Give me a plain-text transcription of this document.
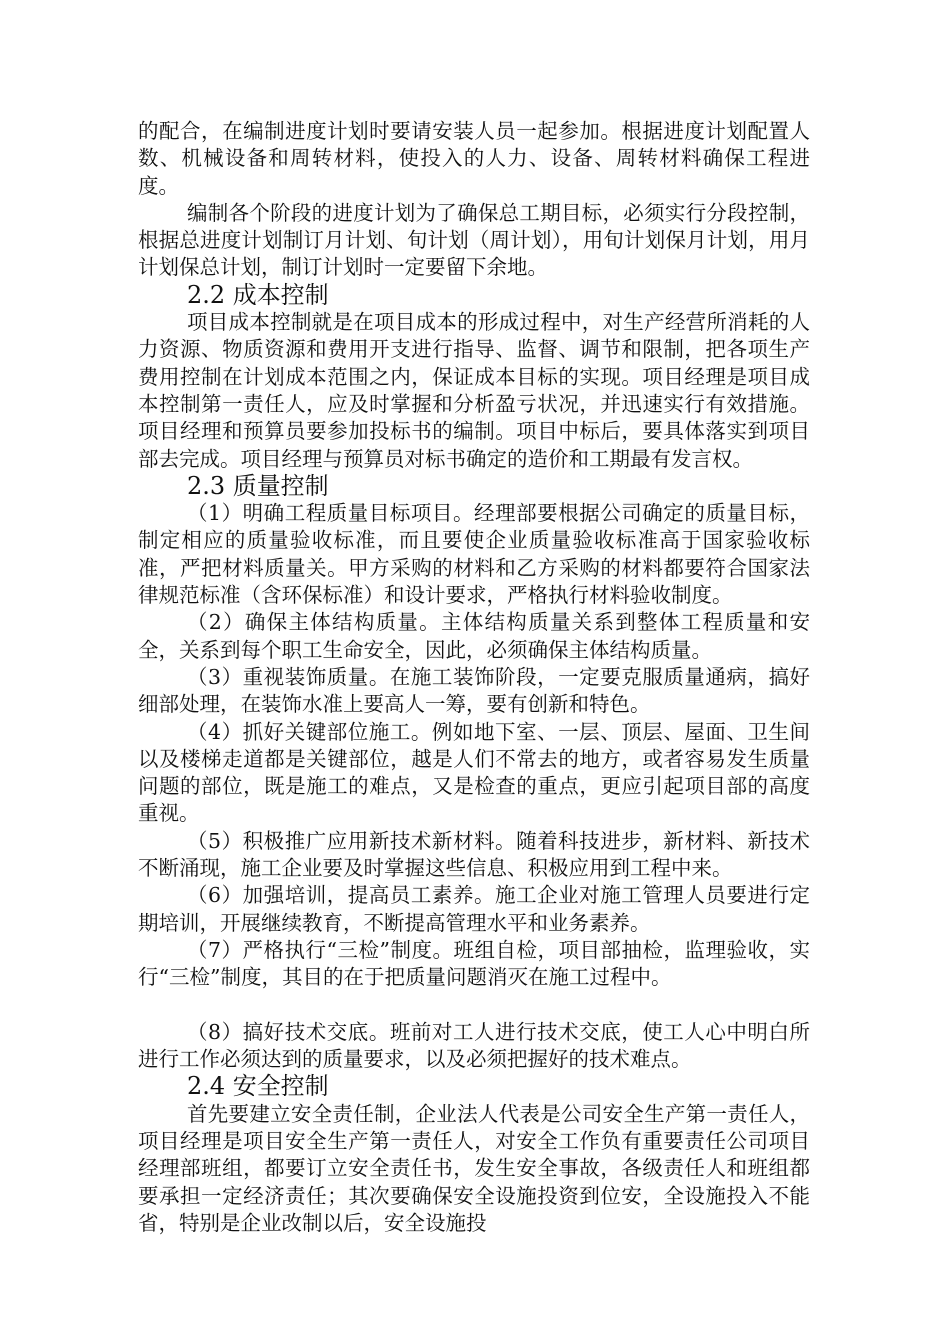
的配合，在编制进度计划时要请安装人员一起参加。根据进度计划配置人数、机械设备和周转材料，使投入的人力、设备、周转材料确保工程进度。

编制各个阶段的进度计划为了确保总工期目标，必须实行分段控制，根据总进度计划制订月计划、旬计划（周计划），用旬计划保月计划，用月计划保总计划，制订计划时一定要留下余地。

2.2 成本控制

项目成本控制就是在项目成本的形成过程中，对生产经营所消耗的人力资源、物质资源和费用开支进行指导、监督、调节和限制，把各项生产费用控制在计划成本范围之内，保证成本目标的实现。项目经理是项目成本控制第一责任人，应及时掌握和分析盈亏状况，并迅速实行有效措施。项目经理和预算员要参加投标书的编制。项目中标后，要具体落实到项目部去完成。项目经理与预算员对标书确定的造价和工期最有发言权。

2.3 质量控制

（1）明确工程质量目标项目。经理部要根据公司确定的质量目标，制定相应的质量验收标准，而且要使企业质量验收标准高于国家验收标准，严把材料质量关。甲方采购的材料和乙方采购的材料都要符合国家法律规范标准（含环保标准）和设计要求，严格执行材料验收制度。

（2）确保主体结构质量。主体结构质量关系到整体工程质量和安全，关系到每个职工生命安全，因此，必须确保主体结构质量。

（3）重视装饰质量。在施工装饰阶段，一定要克服质量通病，搞好细部处理，在装饰水准上要高人一筹，要有创新和特色。

（4）抓好关键部位施工。例如地下室、一层、顶层、屋面、卫生间以及楼梯走道都是关键部位，越是人们不常去的地方，或者容易发生质量问题的部位，既是施工的难点，又是检查的重点，更应引起项目部的高度重视。

（5）积极推广应用新技术新材料。随着科技进步，新材料、新技术不断涌现，施工企业要及时掌握这些信息、积极应用到工程中来。

（6）加强培训，提高员工素养。施工企业对施工管理人员要进行定期培训，开展继续教育，不断提高管理水平和业务素养。

（7）严格执行“三检”制度。班组自检，项目部抽检，监理验收，实行“三检”制度，其目的在于把质量问题消灭在施工过程中。

（8）搞好技术交底。班前对工人进行技术交底，使工人心中明白所进行工作必须达到的质量要求，以及必须把握好的技术难点。

2.4 安全控制

首先要建立安全责任制，企业法人代表是公司安全生产第一责任人，项目经理是项目安全生产第一责任人，对安全工作负有重要责任公司项目经理部班组，都要订立安全责任书，发生安全事故，各级责任人和班组都要承担一定经济责任；其次要确保安全设施投资到位安，全设施投入不能省，特别是企业改制以后，安全设施投
